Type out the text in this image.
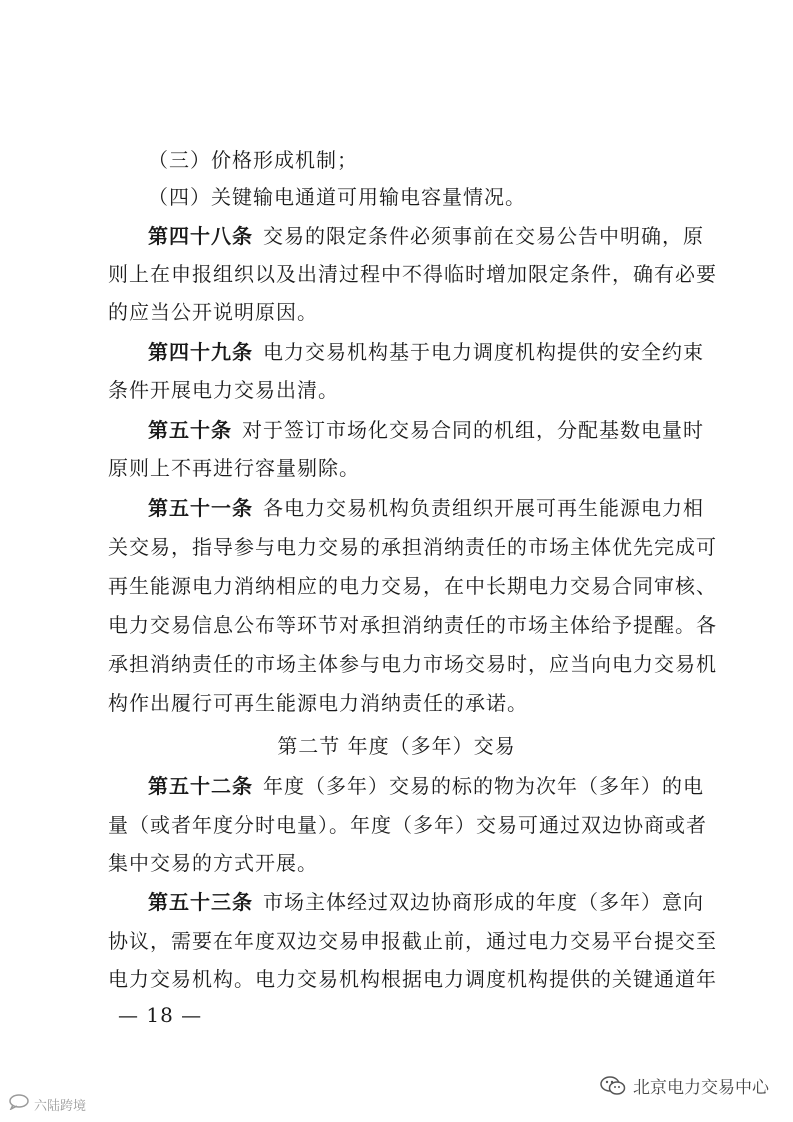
（三）价格形成机制；
（四）关键输电通道可用输电容量情况。
第四十八条 交易的限定条件必须事前在交易公告中明确，原
则上在申报组织以及出清过程中不得临时增加限定条件，确有必要
的应当公开说明原因。
第四十九条 电力交易机构基于电力调度机构提供的安全约束
条件开展电力交易出清。
第五十条 对于签订市场化交易合同的机组，分配基数电量时
原则上不再进行容量剔除。
第五十一条 各电力交易机构负责组织开展可再生能源电力相
关交易，指导参与电力交易的承担消纳责任的市场主体优先完成可
再生能源电力消纳相应的电力交易，在中长期电力交易合同审核、
电力交易信息公布等环节对承担消纳责任的市场主体给予提醒。各
承担消纳责任的市场主体参与电力市场交易时，应当向电力交易机
构作出履行可再生能源电力消纳责任的承诺。
第二节 年度（多年）交易
第五十二条 年度（多年）交易的标的物为次年（多年）的电
量（或者年度分时电量）。年度（多年）交易可通过双边协商或者
集中交易的方式开展。
第五十三条 市场主体经过双边协商形成的年度（多年）意向
协议，需要在年度双边交易申报截止前，通过电力交易平台提交至
电力交易机构。电力交易机构根据电力调度机构提供的关键通道年
— 18 —
六陆跨境
北京电力交易中心
